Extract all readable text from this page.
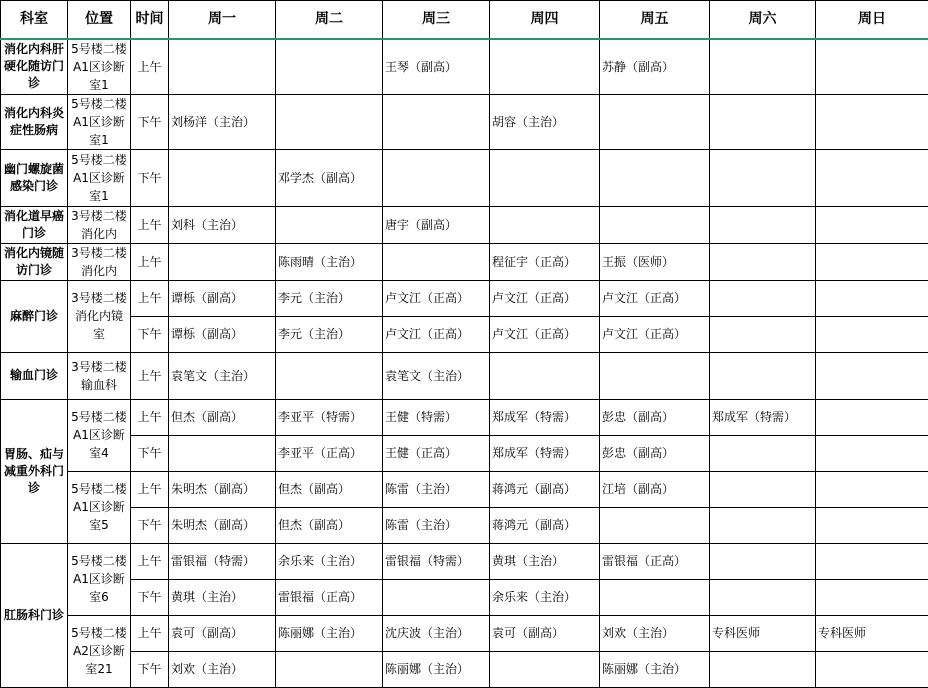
科室	位置	时间	周一	周二	周三	周四	周五	周六	周日
消化内科肝硬化随访门诊	5号楼二楼A1区诊断室1	上午			王琴（副高）		苏静（副高）		
消化内科炎症性肠病	5号楼二楼A1区诊断室1	下午	刘杨洋（主治）			胡容（主治）			
幽门螺旋菌感染门诊	5号楼二楼A1区诊断室1	下午		邓学杰（副高）					
消化道早癌门诊	3号楼二楼消化内	上午	刘科（主治）		唐宇（副高）				
消化内镜随访门诊	3号楼二楼消化内	上午		陈雨晴（主治）		程征宇（正高）	王振（医师）		
麻醉门诊	3号楼二楼消化内镜室	上午	谭栎（副高）	李元（主治）	卢文江（正高）	卢文江（正高）	卢文江（正高）		
		下午	谭栎（副高）	李元（主治）	卢文江（正高）	卢文江（正高）	卢文江（正高）		
输血门诊	3号楼二楼输血科	上午	袁笔文（主治）		袁笔文（主治）				
胃肠、疝与减重外科门诊	5号楼二楼A1区诊断室4	上午	但杰（副高）	李亚平（特需）	王健（特需）	郑成军（特需）	彭忠（副高）	郑成军（特需）	
		下午		李亚平（正高）	王健（正高）	郑成军（特需）	彭忠（副高）		
	5号楼二楼A1区诊断室5	上午	朱明杰（副高）	但杰（副高）	陈雷（主治）	蒋鸿元（副高）	江培（副高）		
		下午	朱明杰（副高）	但杰（副高）	陈雷（主治）	蒋鸿元（副高）			
肛肠科门诊	5号楼二楼A1区诊断室6	上午	雷银福（特需）	余乐来（主治）	雷银福（特需）	黄琪（主治）	雷银福（正高）		
		下午	黄琪（主治）	雷银福（正高）		余乐来（主治）			
	5号楼二楼A2区诊断室21	上午	袁可（副高）	陈丽娜（主治）	沈庆波（主治）	袁可（副高）	刘欢（主治）	专科医师	专科医师
		下午	刘欢（主治）		陈丽娜（主治）		陈丽娜（主治）		
